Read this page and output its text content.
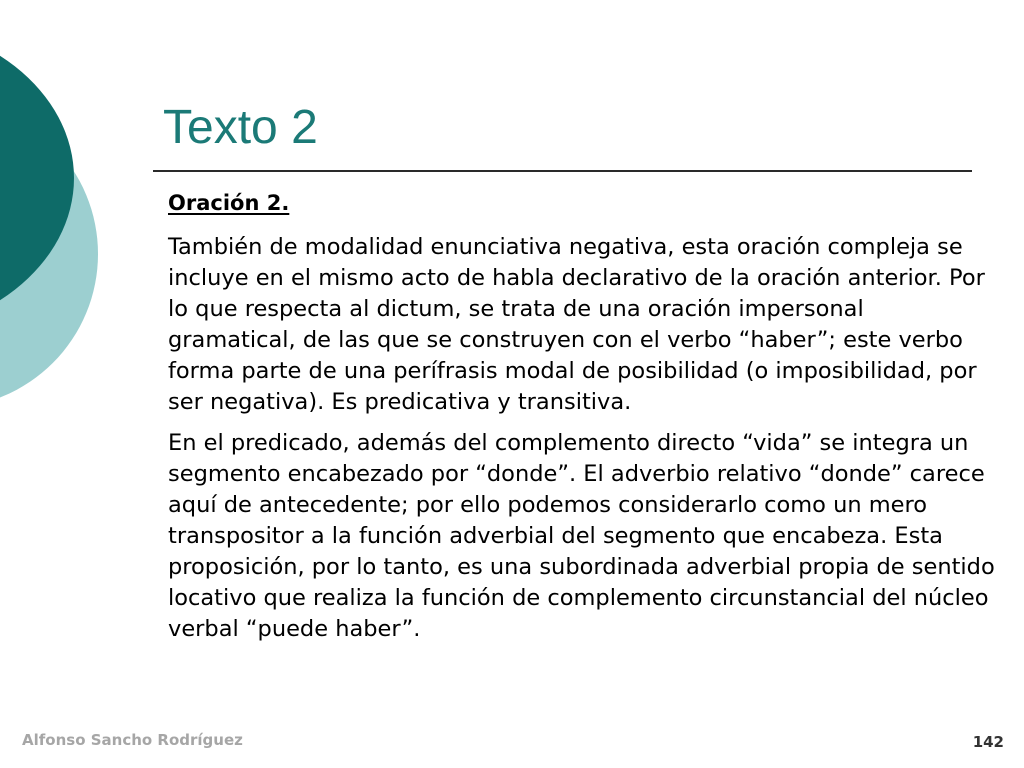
Texto 2
Oración 2.

También de modalidad enunciativa negativa, esta oración compleja se incluye en el mismo acto de habla declarativo de la oración anterior. Por lo que respecta al dictum, se trata de una oración impersonal gramatical, de las que se construyen con el verbo “haber”; este verbo forma parte de una perífrasis modal de posibilidad (o imposibilidad, por ser negativa). Es predicativa y transitiva.

En el predicado, además del complemento directo “vida” se integra un segmento encabezado por “donde”. El adverbio relativo “donde” carece aquí de antecedente; por ello podemos considerarlo como un mero transpositor a la función adverbial del segmento que encabeza. Esta proposición, por lo tanto, es una subordinada adverbial propia de sentido locativo que realiza la función de complemento circunstancial del núcleo verbal “puede haber”.

Alfonso Sancho Rodríguez	142
